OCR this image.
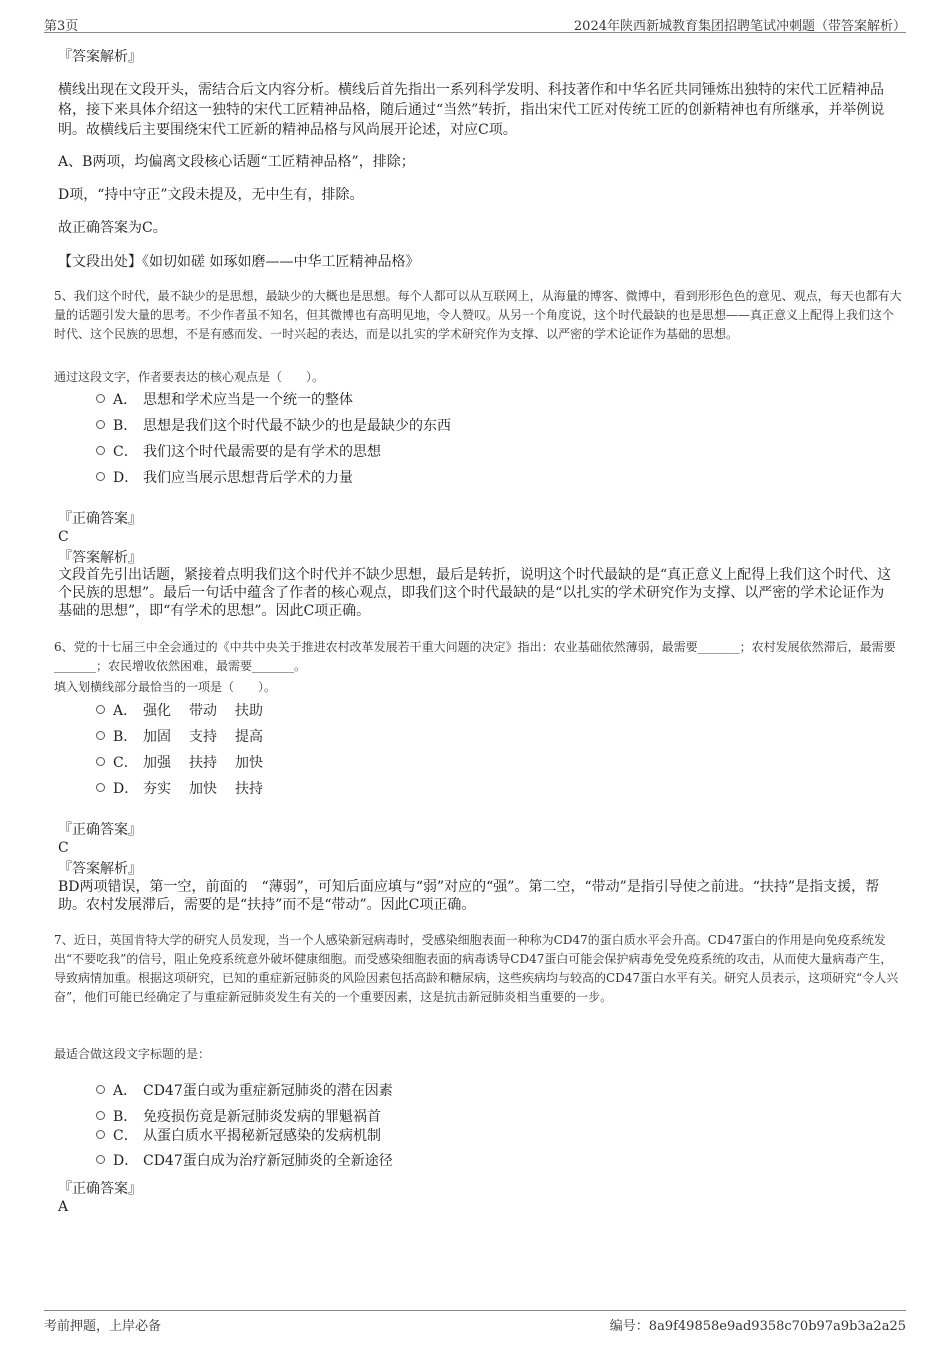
第3页	2024年陕西新城教育集团招聘笔试冲刺题（带答案解析）
『答案解析』
横线出现在文段开头，需结合后文内容分析。横线后首先指出一系列科学发明、科技著作和中华名匠共同锤炼出独特的宋代工匠精神品格，接下来具体介绍这一独特的宋代工匠精神品格，随后通过“当然”转折，指出宋代工匠对传统工匠的创新精神也有所继承，并举例说明。故横线后主要围绕宋代工匠新的精神品格与风尚展开论述，对应C项。
A、B两项，均偏离文段核心话题“工匠精神品格”，排除；
D项，“持中守正”文段未提及，无中生有，排除。
故正确答案为C。
【文段出处】《如切如磋 如琢如磨——中华工匠精神品格》
5、我们这个时代，最不缺少的是思想，最缺少的大概也是思想。每个人都可以从互联网上，从海量的博客、微博中，看到形形色色的意见、观点，每天也都有大量的话题引发大量的思考。不少作者虽不知名，但其微博也有高明见地，令人赞叹。从另一个角度说，这个时代最缺的也是思想——真正意义上配得上我们这个时代、这个民族的思想，不是有感而发、一时兴起的表达，而是以扎实的学术研究作为支撑、以严密的学术论证作为基础的思想。
通过这段文字，作者要表达的核心观点是（　　）。
A． 思想和学术应当是一个统一的整体
B． 思想是我们这个时代最不缺少的也是最缺少的东西
C． 我们这个时代最需要的是有学术的思想
D． 我们应当展示思想背后学术的力量
『正确答案』
C
『答案解析』
文段首先引出话题，紧接着点明我们这个时代并不缺少思想，最后是转折，说明这个时代最缺的是“真正意义上配得上我们这个时代、这个民族的思想”。最后一句话中蕴含了作者的核心观点，即我们这个时代最缺的是“以扎实的学术研究作为支撑、以严密的学术论证作为基础的思想”，即“有学术的思想”。因此C项正确。
6、党的十七届三中全会通过的《中共中央关于推进农村改革发展若干重大问题的决定》指出：农业基础依然薄弱，最需要_______；农村发展依然滞后，最需要_______；农民增收依然困难，最需要_______。
填入划横线部分最恰当的一项是（　　）。
A． 强化 带动 扶助
B． 加固 支持 提高
C． 加强 扶持 加快
D． 夯实 加快 扶持
『正确答案』
C
『答案解析』
BD两项错误，第一空，前面的　“薄弱”，可知后面应填与“弱”对应的“强”。第二空，“带动”是指引导使之前进。“扶持”是指支援，帮助。农村发展滞后，需要的是“扶持”而不是“带动”。因此C项正确。
7、近日，英国肯特大学的研究人员发现，当一个人感染新冠病毒时，受感染细胞表面一种称为CD47的蛋白质水平会升高。CD47蛋白的作用是向免疫系统发出“不要吃我”的信号，阻止免疫系统意外破坏健康细胞。而受感染细胞表面的病毒诱导CD47蛋白可能会保护病毒免受免疫系统的攻击，从而使大量病毒产生，导致病情加重。根据这项研究，已知的重症新冠肺炎的风险因素包括高龄和糖尿病，这些疾病均与较高的CD47蛋白水平有关。研究人员表示，这项研究“令人兴奋”，他们可能已经确定了与重症新冠肺炎发生有关的一个重要因素，这是抗击新冠肺炎相当重要的一步。
最适合做这段文字标题的是：
A． CD47蛋白或为重症新冠肺炎的潜在因素
B． 免疫损伤竟是新冠肺炎发病的罪魁祸首
C． 从蛋白质水平揭秘新冠感染的发病机制
D． CD47蛋白成为治疗新冠肺炎的全新途径
『正确答案』
A
考前押题，上岸必备	编号：8a9f49858e9ad9358c70b97a9b3a2a25
